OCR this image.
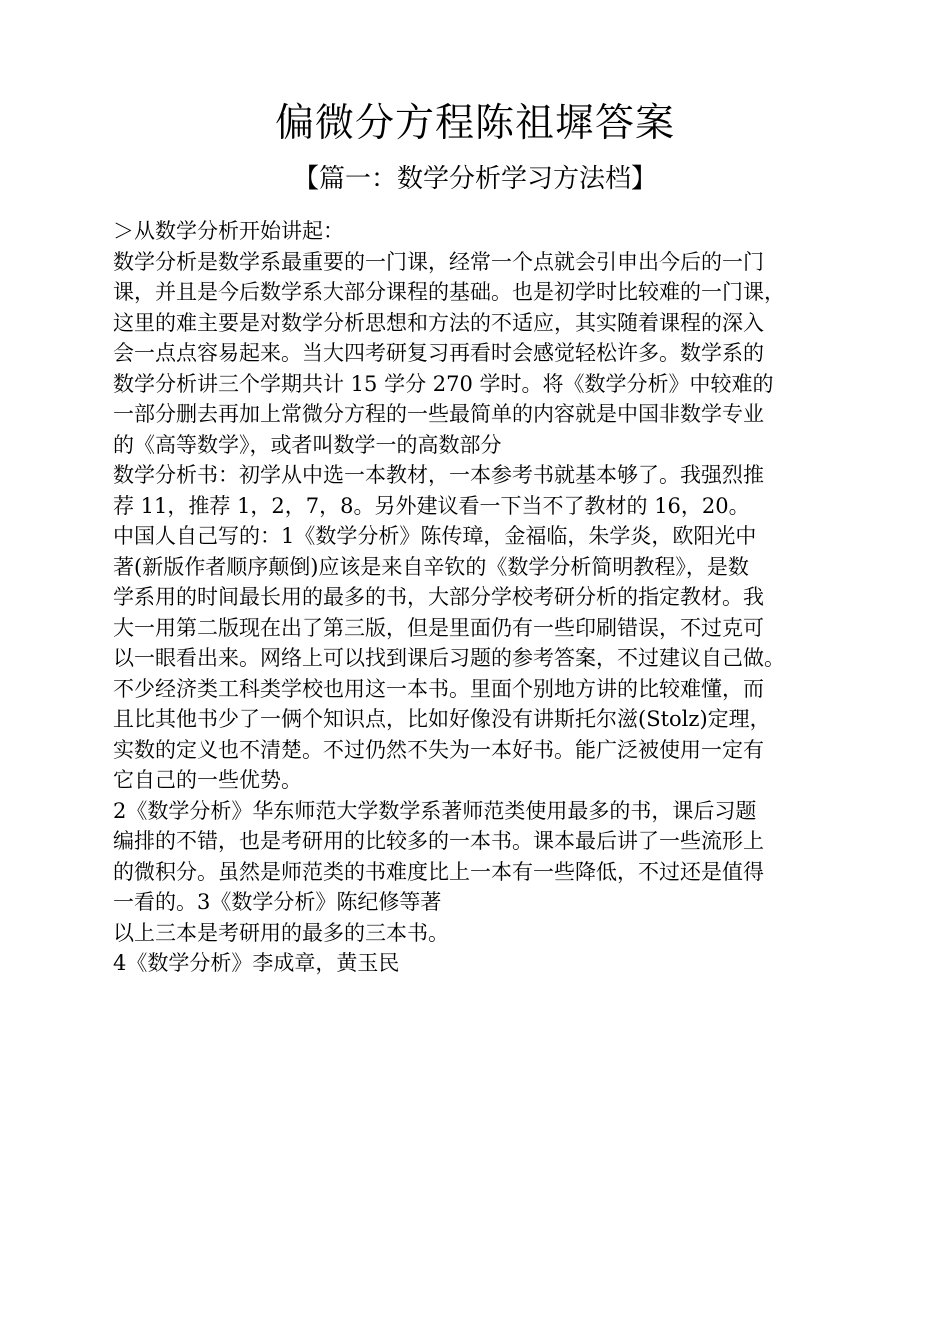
偏微分方程陈祖墀答案
【篇一：数学分析学习方法档】
＞从数学分析开始讲起：
数学分析是数学系最重要的一门课，经常一个点就会引申出今后的一门
课，并且是今后数学系大部分课程的基础。也是初学时比较难的一门课，
这里的难主要是对数学分析思想和方法的不适应，其实随着课程的深入
会一点点容易起来。当大四考研复习再看时会感觉轻松许多。数学系的
数学分析讲三个学期共计 15 学分 270 学时。将《数学分析》中较难的
一部分删去再加上常微分方程的一些最简单的内容就是中国非数学专业
的《高等数学》，或者叫数学一的高数部分
数学分析书：初学从中选一本教材，一本参考书就基本够了。我强烈推
荐 11，推荐 1，2，7，8。另外建议看一下当不了教材的 16，20。
中国人自己写的：1《数学分析》陈传璋，金福临，朱学炎，欧阳光中
著(新版作者顺序颠倒)应该是来自辛钦的《数学分析简明教程》，是数
学系用的时间最长用的最多的书，大部分学校考研分析的指定教材。我
大一用第二版现在出了第三版，但是里面仍有一些印刷错误，不过克可
以一眼看出来。网络上可以找到课后习题的参考答案，不过建议自己做。
不少经济类工科类学校也用这一本书。里面个别地方讲的比较难懂，而
且比其他书少了一俩个知识点，比如好像没有讲斯托尔滋(Stolz)定理，
实数的定义也不清楚。不过仍然不失为一本好书。能广泛被使用一定有
它自己的一些优势。
2《数学分析》华东师范大学数学系著师范类使用最多的书，课后习题
编排的不错，也是考研用的比较多的一本书。课本最后讲了一些流形上
的微积分。虽然是师范类的书难度比上一本有一些降低，不过还是值得
一看的。3《数学分析》陈纪修等著
以上三本是考研用的最多的三本书。
4《数学分析》李成章，黄玉民
